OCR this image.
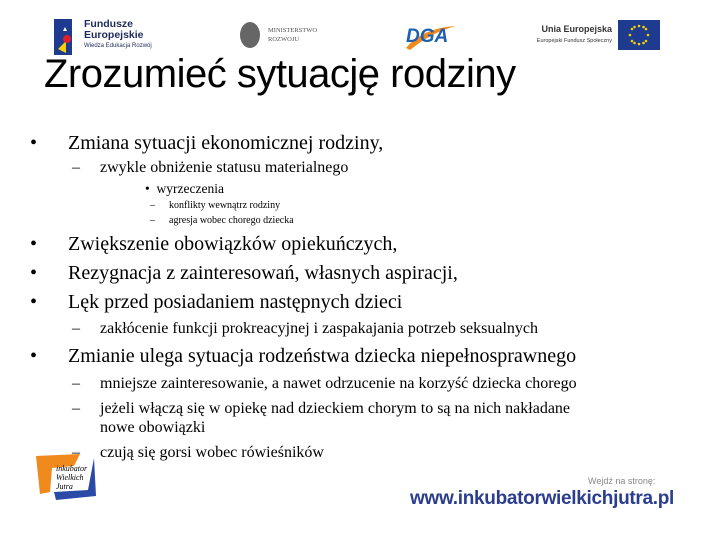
Fundusze
Europejskie
Wiedza Edukacja Rozwój
MINISTERSTWO
ROZWOJU	DGA	Unia Europejska
Europejski Fundusz Społeczny
Zrozumieć sytuację rodziny
• Zmiana sytuacji ekonomicznej rodziny,
– zwykle obniżenie statusu materialnego
• wyrzeczenia
– konflikty wewnątrz rodziny
– agresja wobec chorego dziecka
• Zwiększenie obowiązków opiekuńczych,
• Rezygnacja z zainteresowań, własnych aspiracji,
• Lęk przed posiadaniem następnych dzieci
– zakłócenie funkcji prokreacyjnej i zaspakajania potrzeb seksualnych
• Zmianie ulega sytuacja rodzeństwa dziecka niepełnosprawnego
– mniejsze zainteresowanie, a nawet odrzucenie na korzyść dziecka chorego
– jeżeli włączą się w opiekę nad dzieckiem chorym to są na nich nakładane
nowe obowiązki
inkubator Wielkich Jutra
– czują się gorsi wobec rówieśników
Wejdź na stronę:
www.inkubatorwielkichjutra.pl
